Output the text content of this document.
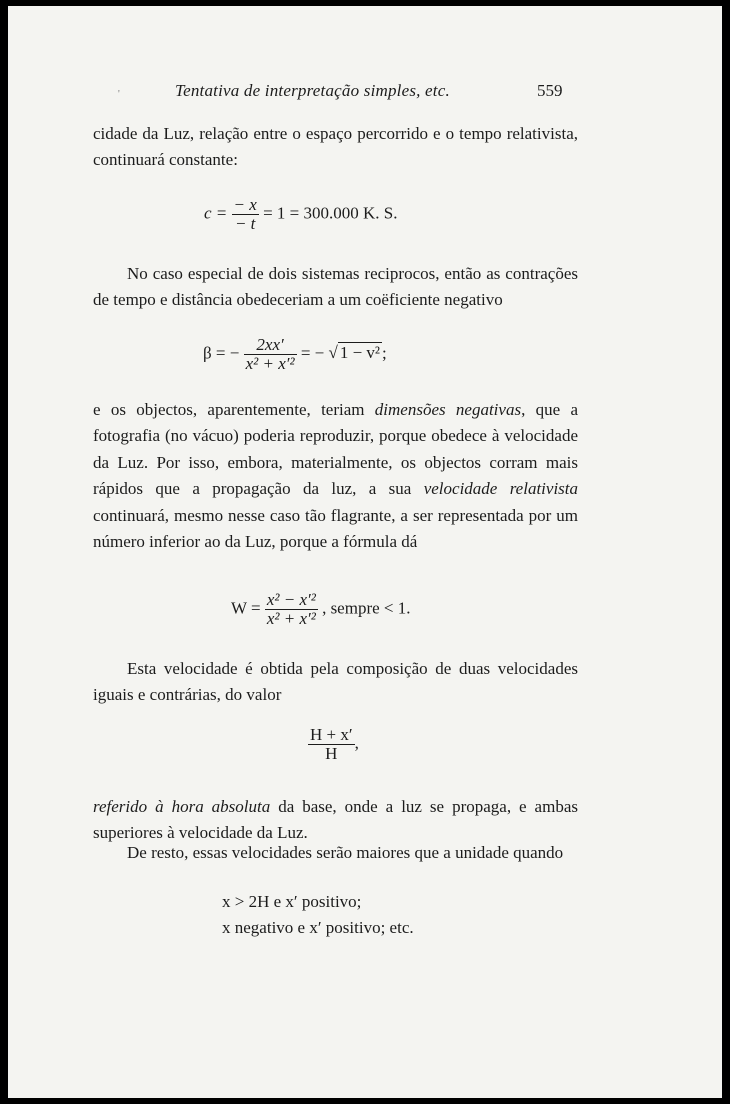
'	Tentativa de interpretação simples, etc.	559
cidade da Luz, relação entre o espaço percorrido e o tempo relativista, continuará constante:
$c = \frac{- x}{- t} = 1 = 300.000$ K. S.
No caso especial de dois sistemas reciprocos, então as contrações de tempo e distância obedeceriam a um coëficiente negativo
β = − $\frac{2xx'}{\text{x² + x′²}}$ = − √ 1 − v² ;
e os objectos, aparentemente, teriam dimensões negativas, que a fotografia (no vácuo) poderia reproduzir, porque obedece à velocidade da Luz. Por isso, embora, materialmente, os objectos corram mais rápidos que a propagação da luz, a sua velocidade relativista continuará, mesmo nesse caso tão flagrante, a ser representada por um número inferior ao da Luz, porque a fórmula dá
$W = \frac{\text{x² − x′²}}{\text{x² + x′²}}$ , sempre < 1.
Esta velocidade é obtida pela composição de duas velocidades iguais e contrárias, do valor
$\frac{H + x'}{H}$ ,
referido à hora absoluta da base, onde a luz se propaga, e ambas superiores à velocidade da Luz.
De resto, essas velocidades serão maiores que a unidade quando
x > 2H e x′ positivo;
x negativo e x′ positivo; etc.
